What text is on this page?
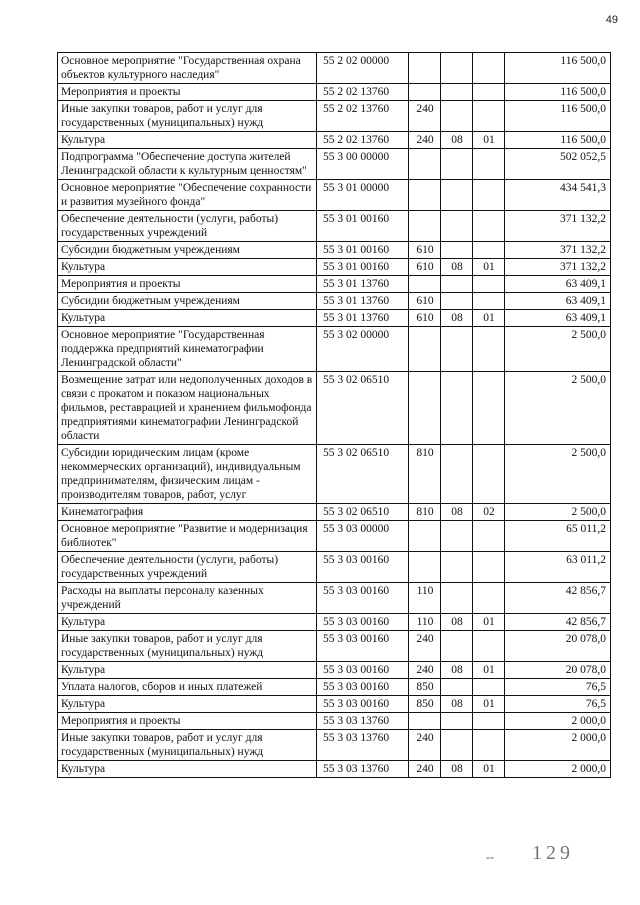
49
Основное мероприятие "Государственная охрана объектов культурного наследия"	55 2 02 00000				116 500,0
Мероприятия и проекты	55 2 02 13760				116 500,0
Иные закупки товаров, работ и услуг для государственных (муниципальных) нужд	55 2 02 13760	240			116 500,0
Культура	55 2 02 13760	240	08	01	116 500,0
Подпрограмма "Обеспечение доступа жителей Ленинградской области к культурным ценностям"	55 3 00 00000				502 052,5
Основное мероприятие "Обеспечение сохранности и развития музейного фонда"	55 3 01 00000				434 541,3
Обеспечение деятельности (услуги, работы) государственных учреждений	55 3 01 00160				371 132,2
Субсидии бюджетным учреждениям	55 3 01 00160	610			371 132,2
Культура	55 3 01 00160	610	08	01	371 132,2
Мероприятия и проекты	55 3 01 13760				63 409,1
Субсидии бюджетным учреждениям	55 3 01 13760	610			63 409,1
Культура	55 3 01 13760	610	08	01	63 409,1
Основное мероприятие "Государственная поддержка предприятий кинематографии Ленинградской области"	55 3 02 00000				2 500,0
Возмещение затрат или недополученных доходов в связи с прокатом и показом национальных фильмов, реставрацией и хранением фильмофонда предприятиями кинематографии Ленинградской области	55 3 02 06510				2 500,0
Субсидии юридическим лицам (кроме некоммерческих организаций), индивидуальным предпринимателям, физическим лицам - производителям товаров, работ, услуг	55 3 02 06510	810			2 500,0
Кинематография	55 3 02 06510	810	08	02	2 500,0
Основное мероприятие "Развитие и модернизация библиотек"	55 3 03 00000				65 011,2
Обеспечение деятельности (услуги, работы) государственных учреждений	55 3 03 00160				63 011,2
Расходы на выплаты персоналу казенных учреждений	55 3 03 00160	110			42 856,7
Культура	55 3 03 00160	110	08	01	42 856,7
Иные закупки товаров, работ и услуг для государственных (муниципальных) нужд	55 3 03 00160	240			20 078,0
Культура	55 3 03 00160	240	08	01	20 078,0
Уплата налогов, сборов и иных платежей	55 3 03 00160	850			76,5
Культура	55 3 03 00160	850	08	01	76,5
Мероприятия и проекты	55 3 03 13760				2 000,0
Иные закупки товаров, работ и услуг для государственных (муниципальных) нужд	55 3 03 13760	240			2 000,0
Культура	55 3 03 13760	240	08	01	2 000,0
-- 129
